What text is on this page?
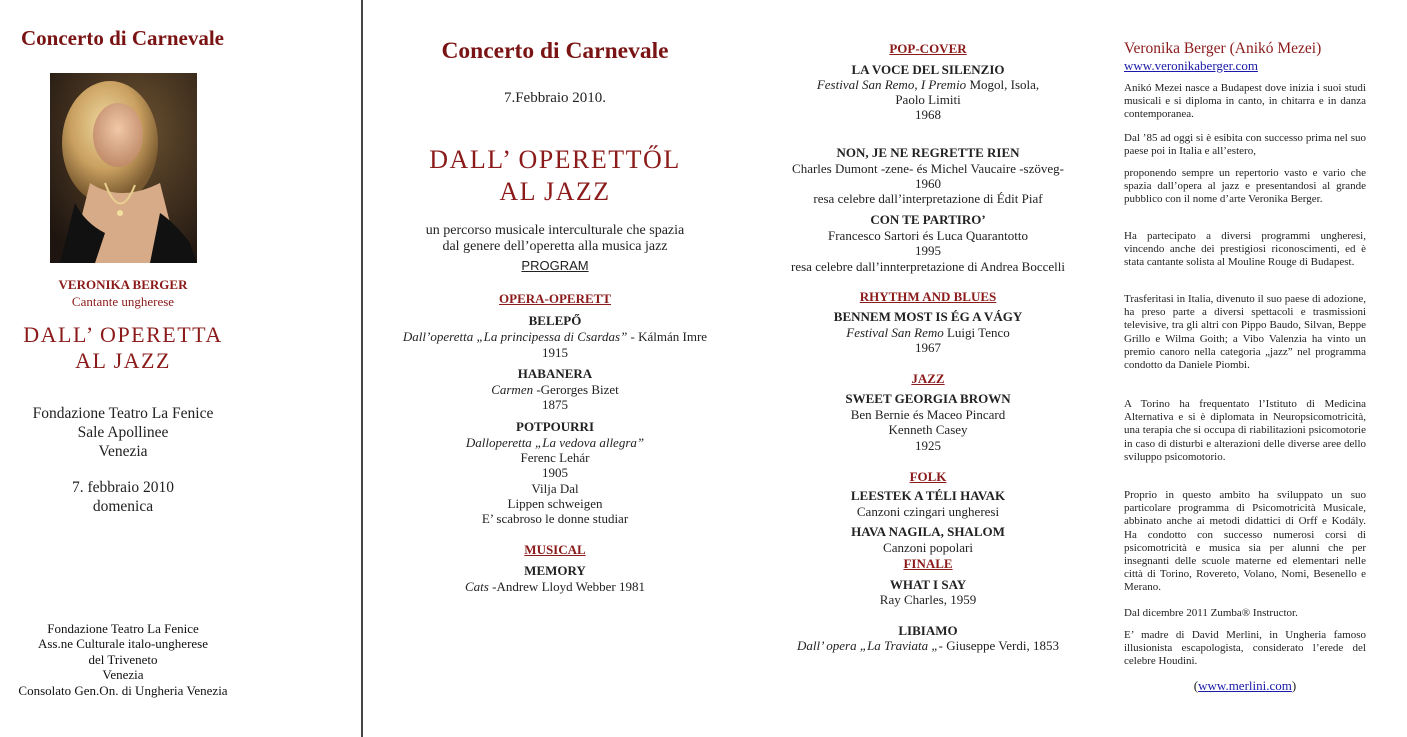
Concerto di Carnevale
VERONIKA BERGER
Cantante ungherese
DALL’ OPERETTA
AL JAZZ
Fondazione Teatro La Fenice
Sale Apollinee
Venezia
7. febbraio 2010
domenica
Fondazione Teatro La Fenice
Ass.ne Culturale italo-ungherese
del Triveneto
Venezia
Consolato Gen.On. di Ungheria Venezia
Concerto di Carnevale
7.Febbraio 2010.
DALL’ OPERETTŐL
AL JAZZ
un percorso musicale interculturale che spazia
dal genere dell’operetta alla musica jazz
PROGRAM
OPERA-OPERETT
BELEPŐ
Dall’operetta „La principessa di Csardas” - Kálmán Imre
1915
HABANERA
Carmen -Gerorges Bizet
1875
POTPOURRI
Dalloperetta „La vedova allegra”
Ferenc Lehár
1905
Vilja Dal
Lippen schweigen
E’ scabroso le donne studiar
MUSICAL
MEMORY
Cats -Andrew Lloyd Webber 1981
POP-COVER
LA VOCE DEL SILENZIO
Festival San Remo, I Premio Mogol, Isola,
Paolo Limiti
1968
NON, JE NE REGRETTE RIEN
Charles Dumont -zene- és Michel Vaucaire -szöveg-
1960
resa celebre dall’interpretazione di Édit Piaf
CON TE PARTIRO’
Francesco Sartori és Luca Quarantotto
1995
resa celebre dall’innterpretazione di Andrea Boccelli
RHYTHM AND BLUES
BENNEM MOST IS ÉG A VÁGY
Festival San Remo Luigi Tenco
1967
JAZZ
SWEET GEORGIA BROWN
Ben Bernie és Maceo Pincard
Kenneth Casey
1925
FOLK
LEESTEK A TÉLI HAVAK
Canzoni czingari ungheresi
HAVA NAGILA, SHALOM
Canzoni popolari
FINALE
WHAT I SAY
Ray Charles, 1959
LIBIAMO
Dall’ opera „La Traviata „- Giuseppe Verdi, 1853
Veronika Berger (Anikó Mezei)
www.veronikaberger.com
Anikó Mezei nasce a Budapest dove inizia i suoi studi musicali e si diploma in canto, in chitarra e in danza contemporanea.
Dal ’85 ad oggi si è esibita con successo prima nel suo paese poi in Italia e all’estero,
proponendo sempre un repertorio vasto e vario che spazia dall’opera al jazz e presentandosi al grande pubblico con il nome d’arte Veronika Berger.
Ha partecipato a diversi programmi ungheresi, vincendo anche dei prestigiosi riconoscimenti, ed è stata cantante solista al Mouline Rouge di Budapest.
Trasferitasi in Italia, divenuto il suo paese di adozione, ha preso parte a diversi spettacoli e trasmissioni televisive, tra gli altri con Pippo Baudo, Silvan, Beppe Grillo e Wilma Goith; a Vibo Valenzia ha vinto un premio canoro nella categoria „jazz” nel programma condotto da Daniele Piombi.
A Torino ha frequentato l’Istituto di Medicina Alternativa e si è diplomata in Neuropsicomotricità, una terapia che si occupa di riabilitazioni psicomotorie in caso di disturbi e alterazioni delle diverse aree dello sviluppo psicomotorio.
Proprio in questo ambito ha sviluppato un suo particolare programma di Psicomotricità Musicale, abbinato anche ai metodi didattici di Orff e Kodály. Ha condotto con successo numerosi corsi di psicomotricità e musica sia per alunni che per insegnanti delle scuole materne ed elementari nelle città di Torino, Rovereto, Volano, Nomi, Besenello e Merano.
Dal dicembre 2011 Zumba® Instructor.
E’ madre di David Merlini, in Ungheria famoso illusionista escapologista, considerato l’erede del celebre Houdini.
(www.merlini.com)
